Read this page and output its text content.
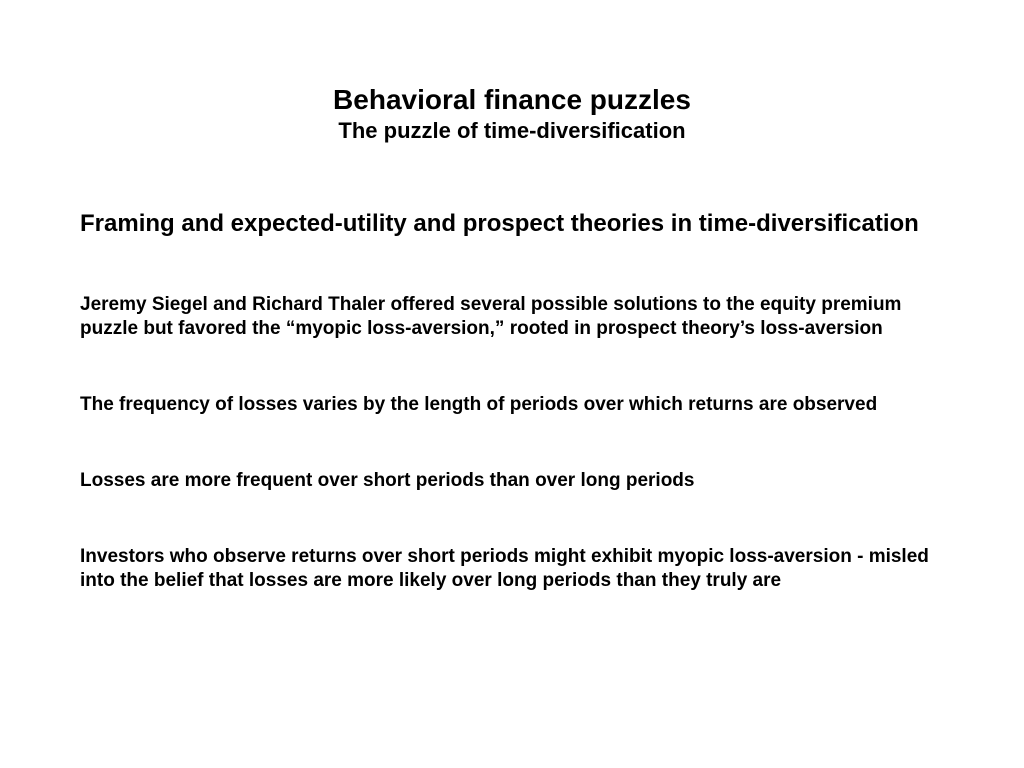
Behavioral finance puzzles
The puzzle of time-diversification
Framing and expected-utility and prospect theories in time-diversification
Jeremy Siegel and Richard Thaler offered several possible solutions to the equity premium puzzle but favored the “myopic loss-aversion,” rooted in prospect theory’s loss-aversion
The frequency of losses varies by the length of periods over which returns are observed
Losses are more frequent over short periods than over long periods
Investors who observe returns over short periods might exhibit myopic loss-aversion - misled into the belief that losses are more likely over long periods than they truly are
